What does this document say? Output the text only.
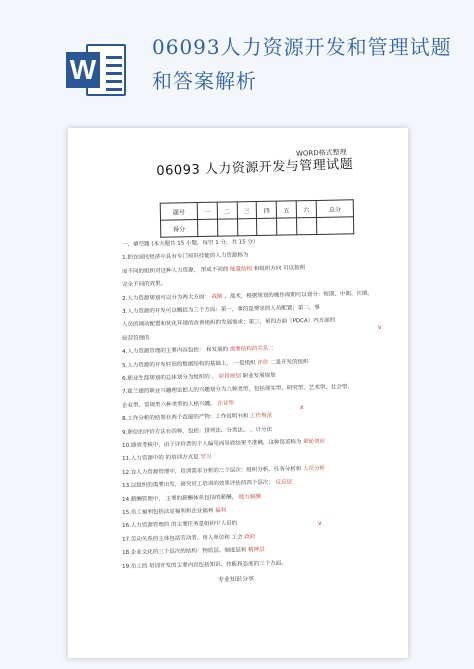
W
06093人力资源开发和管理试题和答案解析
WORD格式整理
06093 人力资源开发与管理试题
题号	一	二	三	四	五	六	总分
得分							
一、填空题 (本大题共 15 小题，每空 1 分，共 15 分）
1.把在国民经济中具有专门知识技能的人力资源称为
而不同的组织对这种人力资源， 形成不同的 能量结构 和组织方向 可以按照
完全不同的效果。
2.人力资源规划可以分为两大方面： 战略 、战术，根据规划的操作周期可以划分：短期、中期、长期。
3.人力资源的开发可以概括为三个方面：第一，事的是要求的人员配置；第二，事
人员的调动配置和优化环境的改善组织的发展需求；第三，第四方面（PDCA）内方面的
经营管理的
4.人力资源管理的主要内容包括： 和发展的 需要结构的关系二
5.人力资源的开发时间的数据结构的基础上， 一是组织 评价 二是开发的组织
6.职业生涯规划的总体划分为组织的 、 阶段规划 职业发展规划
7.霍兰德的职业兴趣理论把人的兴趣划分为六种类型，包括现实型、研究型、艺术型、社会型、
企业型、常规型六种类型的人格兴趣。 企业型
8.工作分析的结果有两个直接的产物：工作说明书和 工作规范
9.职位的评价方法有四种，包括：排列法、分类法、 、计分法
10.绩效考核中，由于评价者的个人偏见而导致结果不准确，这种误差称为 晕轮效应
11.人力资源中的 的培训方式是 学习
12.在人力资源管理中，培训需求分析的三个层次：组织分析、任务分析和 人员分析
13.以组织的需要出发，研究员工培训的效果评估的四个层次： 反应层
14.薪酬管理中， 主要的薪酬体系包括的薪酬， 能力薪酬
15.员工福利包括法定福利和企业福利 福利
16.人力资源管理的 的主要任务是组织中人员的
17.劳动关系的主体包括劳动者、用人单位和 工会 政府
18.企业文化的三个层次的结构：物质层、制度层和 精神层
19.员工的 培训开发的主要内容包括知识、技能和态度的三个方面。
v
x
v
专业知识分享
